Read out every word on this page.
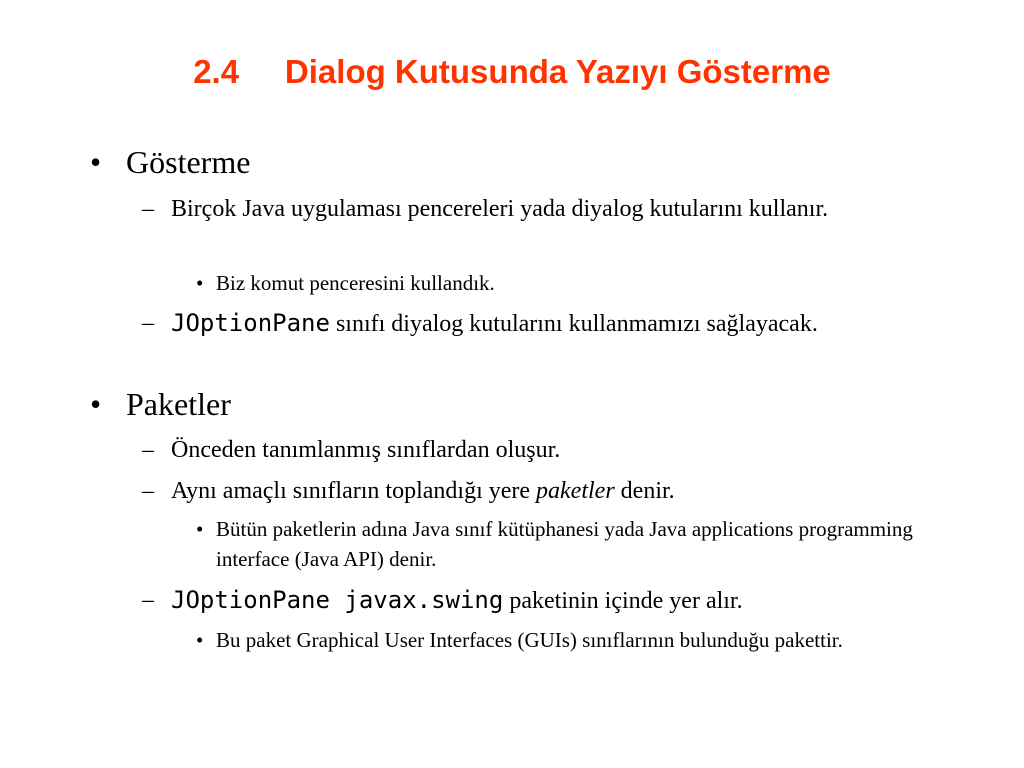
2.4     Dialog Kutusunda Yazıyı Gösterme
• Gösterme
– Birçok Java uygulaması pencereleri yada diyalog kutularını kullanır.
• Biz komut penceresini kullandık.
– JOptionPane sınıfı diyalog kutularını kullanmamızı sağlayacak.
• Paketler
– Önceden tanımlanmış sınıflardan oluşur.
– Aynı amaçlı sınıfların toplandığı yere paketler denir.
• Bütün paketlerin adına Java sınıf kütüphanesi yada Java applications programming interface (Java API) denir.
– JOptionPane javax.swing paketinin içinde yer alır.
• Bu paket Graphical User Interfaces (GUIs) sınıflarının bulunduğu pakettir.
